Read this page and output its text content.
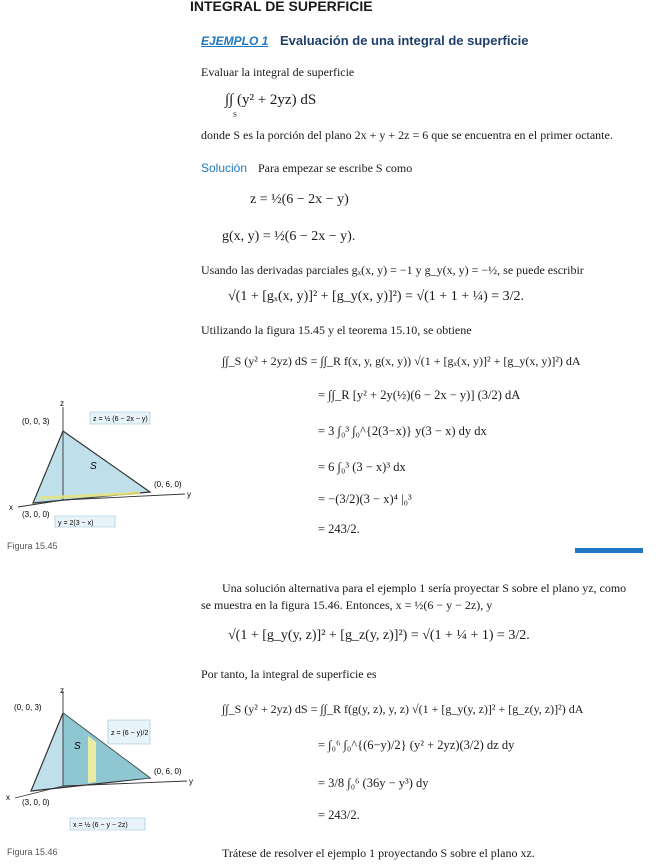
INTEGRAL DE SUPERFICIE
EJEMPLO 1 Evaluación de una integral de superficie
Evaluar la integral de superficie
∫∫ (y² + 2yz) dS
S
donde S es la porción del plano 2x + y + 2z = 6 que se encuentra en el primer octante.
Solución Para empezar se escribe S como
z = ½(6 − 2x − y)
g(x, y) = ½(6 − 2x − y).
Usando las derivadas parciales gₓ(x, y) = −1 y g_y(x, y) = −½, se puede escribir
√(1 + [gₓ(x, y)]² + [g_y(x, y)]²) = √(1 + 1 + ¼) = 3/2.
Utilizando la figura 15.45 y el teorema 15.10, se obtiene
∫∫_S (y² + 2yz) dS = ∫∫_R f(x, y, g(x, y)) √(1 + [gₓ(x, y)]² + [g_y(x, y)]²) dA
= ∫∫_R [y² + 2y(½)(6 − 2x − y)] (3/2) dA
= 3 ∫₀³ ∫₀^{2(3−x)} y(3 − x) dy dx
= 6 ∫₀³ (3 − x)³ dx
= −(3/2)(3 − x)⁴ |₀³
= 243/2.
z
x
y
(0, 0, 3)
(0, 6, 0)
(3, 0, 0)
S
z = ½ (6 − 2x − y)
y = 2(3 − x)
Figura 15.45
Una solución alternativa para el ejemplo 1 sería proyectar S sobre el plano yz, como
se muestra en la figura 15.46. Entonces, x = ½(6 − y − 2z), y
√(1 + [g_y(y, z)]² + [g_z(y, z)]²) = √(1 + ¼ + 1) = 3/2.
Por tanto, la integral de superficie es
∫∫_S (y² + 2yz) dS = ∫∫_R f(g(y, z), y, z) √(1 + [g_y(y, z)]² + [g_z(y, z)]²) dA
= ∫₀⁶ ∫₀^{(6−y)/2} (y² + 2yz)(3/2) dz dy
= 3/8 ∫₀⁶ (36y − y³) dy
= 243/2.
Trátese de resolver el ejemplo 1 proyectando S sobre el plano xz.
z
x
y
(0, 0, 3)
(0, 6, 0)
(3, 0, 0)
S
z = (6 − y)/2
x = ½ (6 − y − 2z)
Figura 15.46
